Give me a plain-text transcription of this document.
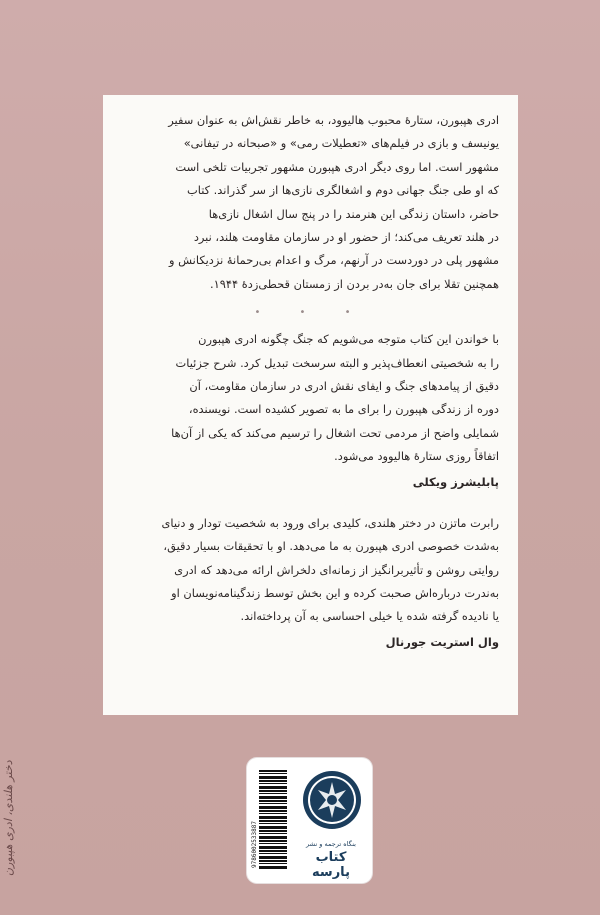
ادری هپبورن، ستارهٔ محبوب هالیوود، به خاطر نقش‌اش به عنوان سفیر
یونیسف و بازی در فیلم‌های «تعطیلات رمی» و «صبحانه در تیفانی»
مشهور است. اما روی دیگر ادری هپبورن مشهور تجربیات تلخی است
که او طی جنگ جهانی دوم و اشغالگری نازی‌ها از سر گذراند. کتاب
حاضر، داستان زندگی این هنرمند را در پنج سال اشغال نازی‌ها
در هلند تعریف می‌کند؛ از حضور او در سازمان مقاومت هلند، نبرد
مشهور پلی در دوردست در آرنهم، مرگ و اعدام بی‌رحمانهٔ نزدیکانش و
همچنین تقلا برای جان به‌در بردن از زمستان قحطی‌زدهٔ ۱۹۴۴.

• • •

با خواندن این کتاب متوجه می‌شویم که جنگ چگونه ادری هپبورن
را به شخصیتی انعطاف‌پذیر و البته سرسخت تبدیل کرد. شرح جزئیات
دقیق از پیامدهای جنگ و ایفای نقش ادری در سازمان مقاومت، آن
دوره از زندگی هپبورن را برای ما به تصویر کشیده است. نویسنده،
شمایلی واضح از مردمی تحت اشغال را ترسیم می‌کند که یکی از آن‌ها
اتفاقاً روزی ستارهٔ هالیوود می‌شود.

پابلیشرز ویکلی

رابرت ماتزن در دختر هلندی، کلیدی برای ورود به شخصیت تودار و دنیای
به‌شدت خصوصی ادری هپبورن به ما می‌دهد. او با تحقیقات بسیار دقیق،
روایتی روشن و تأثیربرانگیز از زمانه‌ای دلخراش ارائه می‌دهد که ادری
به‌ندرت درباره‌اش صحبت کرده و این بخش توسط زندگینامه‌نویسان او
یا نادیده گرفته شده یا خیلی احساسی به آن پرداخته‌اند.

وال استریت جورنال
9786002533887	بنگاه ترجمه و نشر
کتاب پارسه
دختر هلندی، ادری هپبورن
